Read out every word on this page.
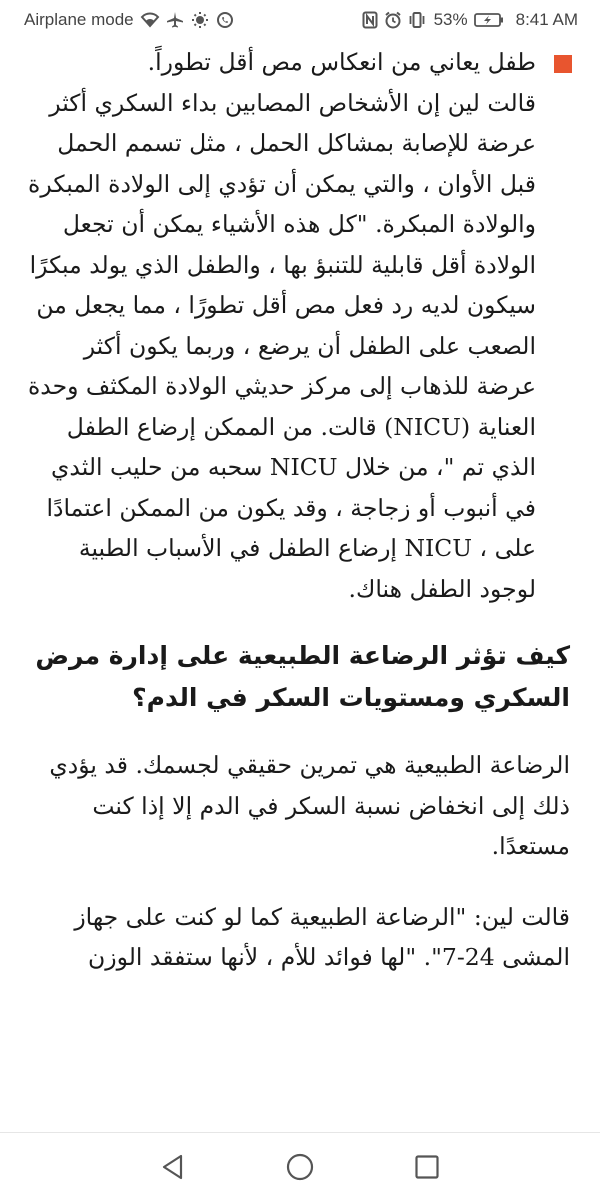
Airplane mode	53%	8:41 AM

طفل يعاني من انعكاس مص أقل تطوراً.

قالت لين إن الأشخاص المصابين بداء السكري أكثر عرضة للإصابة بمشاكل الحمل ، مثل تسمم الحمل قبل الأوان ، والتي يمكن أن تؤدي إلى الولادة المبكرة والولادة المبكرة. "كل هذه الأشياء يمكن أن تجعل الولادة أقل قابلية للتنبؤ بها ، والطفل الذي يولد مبكرًا سيكون لديه رد فعل مص أقل تطورًا ، مما يجعل من الصعب على الطفل أن يرضع ، وربما يكون أكثر عرضة للذهاب إلى مركز حديثي الولادة المكثف وحدة العناية (NICU) قالت. من الممكن إرضاع الطفل الذي تم "، من خلال NICU سحبه من حليب الثدي في أنبوب أو زجاجة ، وقد يكون من الممكن اعتمادًا على ، NICU إرضاع الطفل في الأسباب الطبية لوجود الطفل هناك.

كيف تؤثر الرضاعة الطبيعية على إدارة مرض السكري ومستويات السكر في الدم؟

الرضاعة الطبيعية هي تمرين حقيقي لجسمك. قد يؤدي ذلك إلى انخفاض نسبة السكر في الدم إلا إذا كنت مستعدًا.

قالت لين: "الرضاعة الطبيعية كما لو كنت على جهاز المشى 24-7". "لها فوائد للأم ، لأنها ستفقد الوزن
